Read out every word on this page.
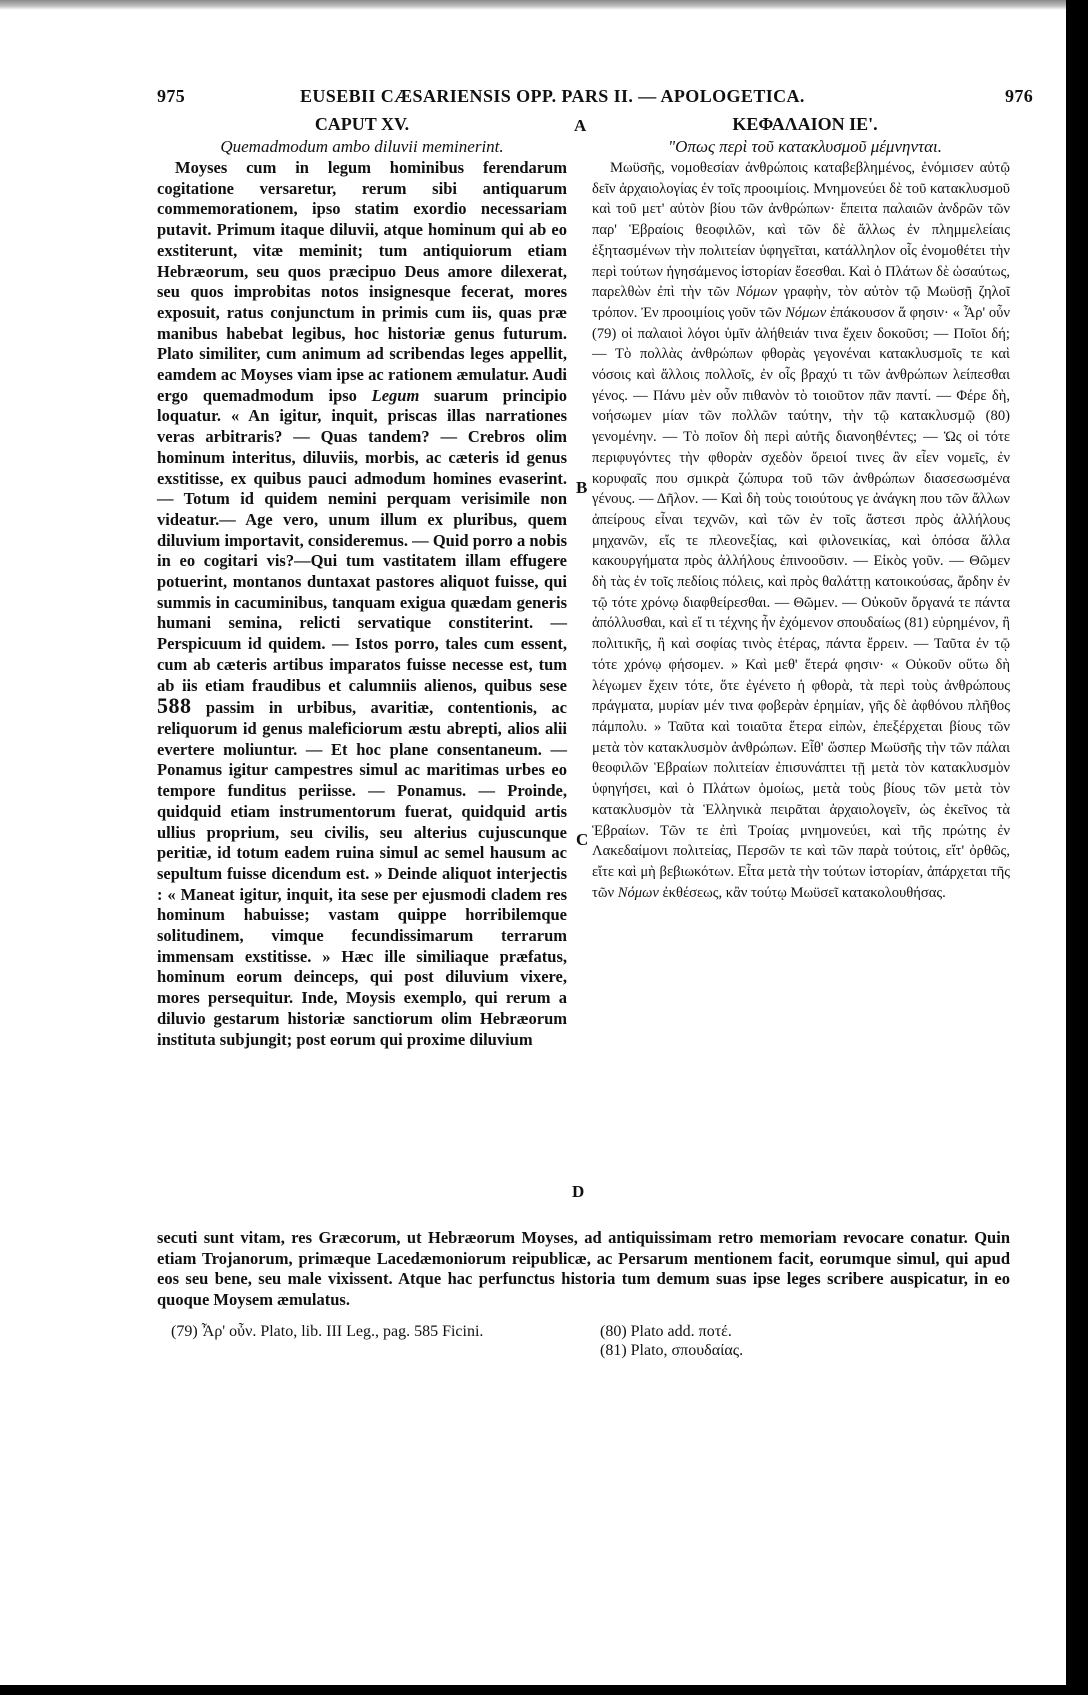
975	EUSEBII CÆSARIENSIS OPP. PARS II. — APOLOGETICA.	976
CAPUT XV.
Quemadmodum ambo diluvii meminerint.

Moyses cum in legum hominibus ferendarum cogitatione versaretur, rerum sibi antiquarum commemorationem, ipso statim exordio necessariam putavit. Primum itaque diluvii, atque hominum qui ab eo exstiterunt, vitæ meminit; tum antiquiorum etiam Hebræorum, seu quos præcipuo Deus amore dilexerat, seu quos improbitas notos insignesque fecerat, mores exposuit, ratus conjunctum in primis cum iis, quas præ manibus habebat legibus, hoc historiæ genus futurum. Plato similiter, cum animum ad scribendas leges appellit, eamdem ac Moyses viam ipse ac rationem æmulatur. Audi ergo quemadmodum ipso Legum suarum principio loquatur. « An igitur, inquit, priscas illas narrationes veras arbitraris? — Quas tandem? — Crebros olim hominum interitus, diluviis, morbis, ac cæteris id genus exstitisse, ex quibus pauci admodum homines evaserint. — Totum id quidem nemini perquam verisimile non videatur.— Age vero, unum illum ex pluribus, quem diluvium importavit, consideremus. — Quid porro a nobis in eo cogitari vis?—Qui tum vastitatem illam effugere potuerint, montanos duntaxat pastores aliquot fuisse, qui summis in cacuminibus, tanquam exigua quædam generis humani semina, relicti servatique constiterint. — Perspicuum id quidem. — Istos porro, tales cum essent, cum ab cæteris artibus imparatos fuisse necesse est, tum ab iis etiam fraudibus et calumniis alienos, quibus sese 588 passim in urbibus, avaritiæ, contentionis, ac reliquorum id genus maleficiorum æstu abrepti, alios alii evertere moliuntur. — Et hoc plane consentaneum. — Ponamus igitur campestres simul ac maritimas urbes eo tempore funditus periisse. — Ponamus. — Proinde, quidquid etiam instrumentorum fuerat, quidquid artis ullius proprium, seu civilis, seu alterius cujuscunque peritiæ, id totum eadem ruina simul ac semel hausum ac sepultum fuisse dicendum est. » Deinde aliquot interjectis : « Maneat igitur, inquit, ita sese per ejusmodi cladem res hominum habuisse; vastam quippe horribilemque solitudinem, vimque fecundissimarum terrarum immensam exstitisse. » Hæc ille similiaque præfatus, hominum eorum deinceps, qui post diluvium vixere, mores persequitur. Inde, Moysis exemplo, qui rerum a diluvio gestarum historiæ sanctiorum olim Hebræorum instituta subjungit; post eorum qui proxime diluvium

A
B
C
D
ΚΕΦΑΛΑΙΟΝ ΙΕ'.
"Οπως περὶ τοῦ κατακλυσμοῦ μέμνηνται.

Μωϋσῆς, νομοθεσίαν ἀνθρώποις καταβεβλημένος, ἐνόμισεν αὐτῷ δεῖν ἀρχαιολογίας ἐν τοῖς προοιμίοις. Μνημονεύει δὲ τοῦ κατακλυσμοῦ καὶ τοῦ μετ' αὐτὸν βίου τῶν ἀνθρώπων· ἔπειτα παλαιῶν ἀνδρῶν τῶν παρ' Ἑβραίοις θεοφιλῶν, καὶ τῶν δὲ ἄλλως ἐν πλημμελείαις ἐξητασμένων τὴν πολιτείαν ὑφηγεῖται, κατάλληλον οἷς ἐνομοθέτει τὴν περὶ τούτων ἡγησάμενος ἱστορίαν ἔσεσθαι. Καὶ ὁ Πλάτων δὲ ὡσαύτως, παρελθὼν ἐπὶ τὴν τῶν Νόμων γραφὴν, τὸν αὐτὸν τῷ Μωϋσῇ ζηλοῖ τρόπον. Ἐν προοιμίοις γοῦν τῶν Νόμων ἐπάκουσον ἅ φησιν· « Ἆρ' οὖν (79) οἱ παλαιοὶ λόγοι ὑμῖν ἀλήθειάν τινα ἔχειν δοκοῦσι; — Ποῖοι δή; — Τὸ πολλὰς ἀνθρώπων φθορὰς γεγονέναι κατακλυσμοῖς τε καὶ νόσοις καὶ ἄλλοις πολλοῖς, ἐν οἷς βραχύ τι τῶν ἀνθρώπων λείπεσθαι γένος. — Πάνυ μὲν οὖν πιθανὸν τὸ τοιοῦτον πᾶν παντί. — Φέρε δὴ, νοήσωμεν μίαν τῶν πολλῶν ταύτην, τὴν τῷ κατακλυσμῷ (80) γενομένην. — Τὸ ποῖον δὴ περὶ αὐτῆς διανοηθέντες; — Ὡς οἱ τότε περιφυγόντες τὴν φθορὰν σχεδὸν ὄρειοί τινες ἂν εἶεν νομεῖς, ἐν κορυφαῖς που σμικρὰ ζώπυρα τοῦ τῶν ἀνθρώπων διασεσωσμένα γένους. — Δῆλον. — Καὶ δὴ τοὺς τοιούτους γε ἀνάγκη που τῶν ἄλλων ἀπείρους εἶναι τεχνῶν, καὶ τῶν ἐν τοῖς ἄστεσι πρὸς ἀλλήλους μηχανῶν, εἴς τε πλεονεξίας, καὶ φιλονεικίας, καὶ ὁπόσα ἄλλα κακουργήματα πρὸς ἀλλήλους ἐπινοοῦσιν. — Εἰκὸς γοῦν. — Θῶμεν δὴ τὰς ἐν τοῖς πεδίοις πόλεις, καὶ πρὸς θαλάττῃ κατοικούσας, ἄρδην ἐν τῷ τότε χρόνῳ διαφθείρεσθαι. — Θῶμεν. — Οὐκοῦν ὄργανά τε πάντα ἀπόλλυσθαι, καὶ εἴ τι τέχνης ἦν ἐχόμενον σπουδαίως (81) εὑρημένον, ἢ πολιτικῆς, ἢ καὶ σοφίας τινὸς ἑτέρας, πάντα ἔρρειν. — Ταῦτα ἐν τῷ τότε χρόνῳ φήσομεν. » Καὶ μεθ' ἕτερά φησιν· « Οὐκοῦν οὕτω δὴ λέγωμεν ἔχειν τότε, ὅτε ἐγένετο ἡ φθορὰ, τὰ περὶ τοὺς ἀνθρώπους πράγματα, μυρίαν μέν τινα φοβερὰν ἐρημίαν, γῆς δὲ ἀφθόνου πλῆθος πάμπολυ. » Ταῦτα καὶ τοιαῦτα ἕτερα εἰπὼν, ἐπεξέρχεται βίους τῶν μετὰ τὸν κατακλυσμὸν ἀνθρώπων. Εἶθ' ὥσπερ Μωϋσῆς τὴν τῶν πάλαι θεοφιλῶν Ἑβραίων πολιτείαν ἐπισυνάπτει τῇ μετὰ τὸν κατακλυσμὸν ὑφηγήσει, καὶ ὁ Πλάτων ὁμοίως, μετὰ τοὺς βίους τῶν μετὰ τὸν κατακλυσμὸν τὰ Ἑλληνικὰ πειρᾶται ἀρχαιολογεῖν, ὡς ἐκεῖνος τὰ Ἑβραίων. Τῶν τε ἐπὶ Τροίας μνημονεύει, καὶ τῆς πρώτης ἐν Λακεδαίμονι πολιτείας, Περσῶν τε καὶ τῶν παρὰ τούτοις, εἴτ' ὀρθῶς, εἴτε καὶ μὴ βεβιωκότων. Εἶτα μετὰ τὴν τούτων ἱστορίαν, ἀπάρχεται τῆς τῶν Νόμων ἐκθέσεως, κἂν τούτῳ Μωϋσεῖ κατακολουθήσας.

secuti sunt vitam, res Græcorum, ut Hebræorum Moyses, ad antiquissimam retro memoriam revocare conatur. Quin etiam Trojanorum, primæque Lacedæmoniorum reipublicæ, ac Persarum mentionem facit, eorumque simul, qui apud eos seu bene, seu male vixissent. Atque hac perfunctus historia tum demum suas ipse leges scribere auspicatur, in eo quoque Moysem æmulatus.

(79) Ἆρ' οὖν. Plato, lib. III Leg., pag. 585 Ficini.	(80) Plato add. ποτέ.

(81) Plato, σπουδαίας.
